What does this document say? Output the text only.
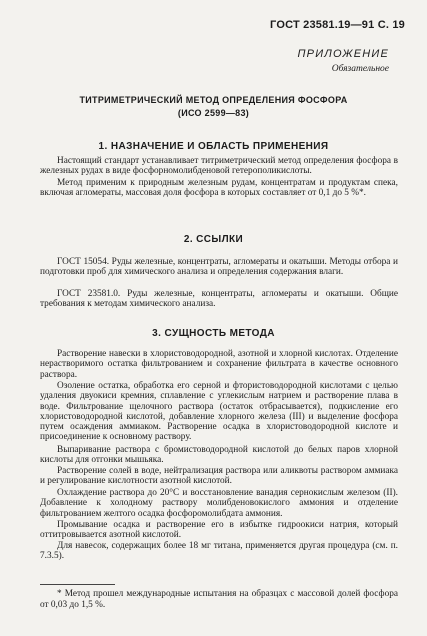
ГОСТ 23581.19—91 С. 19
ПРИЛОЖЕНИЕ
Обязательное
ТИТРИМЕТРИЧЕСКИЙ МЕТОД ОПРЕДЕЛЕНИЯ ФОСФОРА
(ИСО 2599—83)
1. НАЗНАЧЕНИЕ И ОБЛАСТЬ ПРИМЕНЕНИЯ

Настоящий стандарт устанавливает титриметрический метод определения фосфора в железных рудах в виде фосфорномолибденовой гетерополикислоты.

Метод применим к природным железным рудам, концентратам и продуктам спека, включая агломераты, массовая доля фосфора в которых составляет от 0,1 до 5 %*.

2. ССЫЛКИ

ГОСТ 15054. Руды железные, концентраты, агломераты и окатыши. Методы отбора и подготовки проб для химического анализа и определения содержания влаги.

ГОСТ 23581.0. Руды железные, концентраты, агломераты и окатыши. Общие требования к методам химического анализа.

3. СУЩНОСТЬ МЕТОДА

Растворение навески в хлористоводородной, азотной и хлорной кислотах. Отделение нерастворимого остатка фильтрованием и сохранение фильтрата в качестве основного раствора.

Озоление остатка, обработка его серной и фтористоводородной кислотами с целью удаления двуокиси кремния, сплавление с углекислым натрием и растворение плава в воде. Фильтрование щелочного раствора (остаток отбрасывается), подкисление его хлористоводородной кислотой, добавление хлорного железа (III) и выделение фосфора путем осаждения аммиаком. Растворение осадка в хлористоводородной кислоте и присоединение к основному раствору.

Выпаривание раствора с бромистоводородной кислотой до белых паров хлорной кислоты для отгонки мышьяка.

Растворение солей в воде, нейтрализация раствора или аликвоты раствором аммиака и регулирование кислотности азотной кислотой.

Охлаждение раствора до 20°С и восстановление ванадия сернокислым железом (II). Добавление к холодному раствору молибденовокислого аммония и отделение фильтрованием желтого осадка фосфоромолибдата аммония.

Промывание осадка и растворение его в избытке гидроокиси натрия, который оттитровывается азотной кислотой.

Для навесок, содержащих более 18 мг титана, применяется другая процедура (см. п. 7.3.5).

* Метод прошел международные испытания на образцах с массовой долей фосфора от 0,03 до 1,5 %.
